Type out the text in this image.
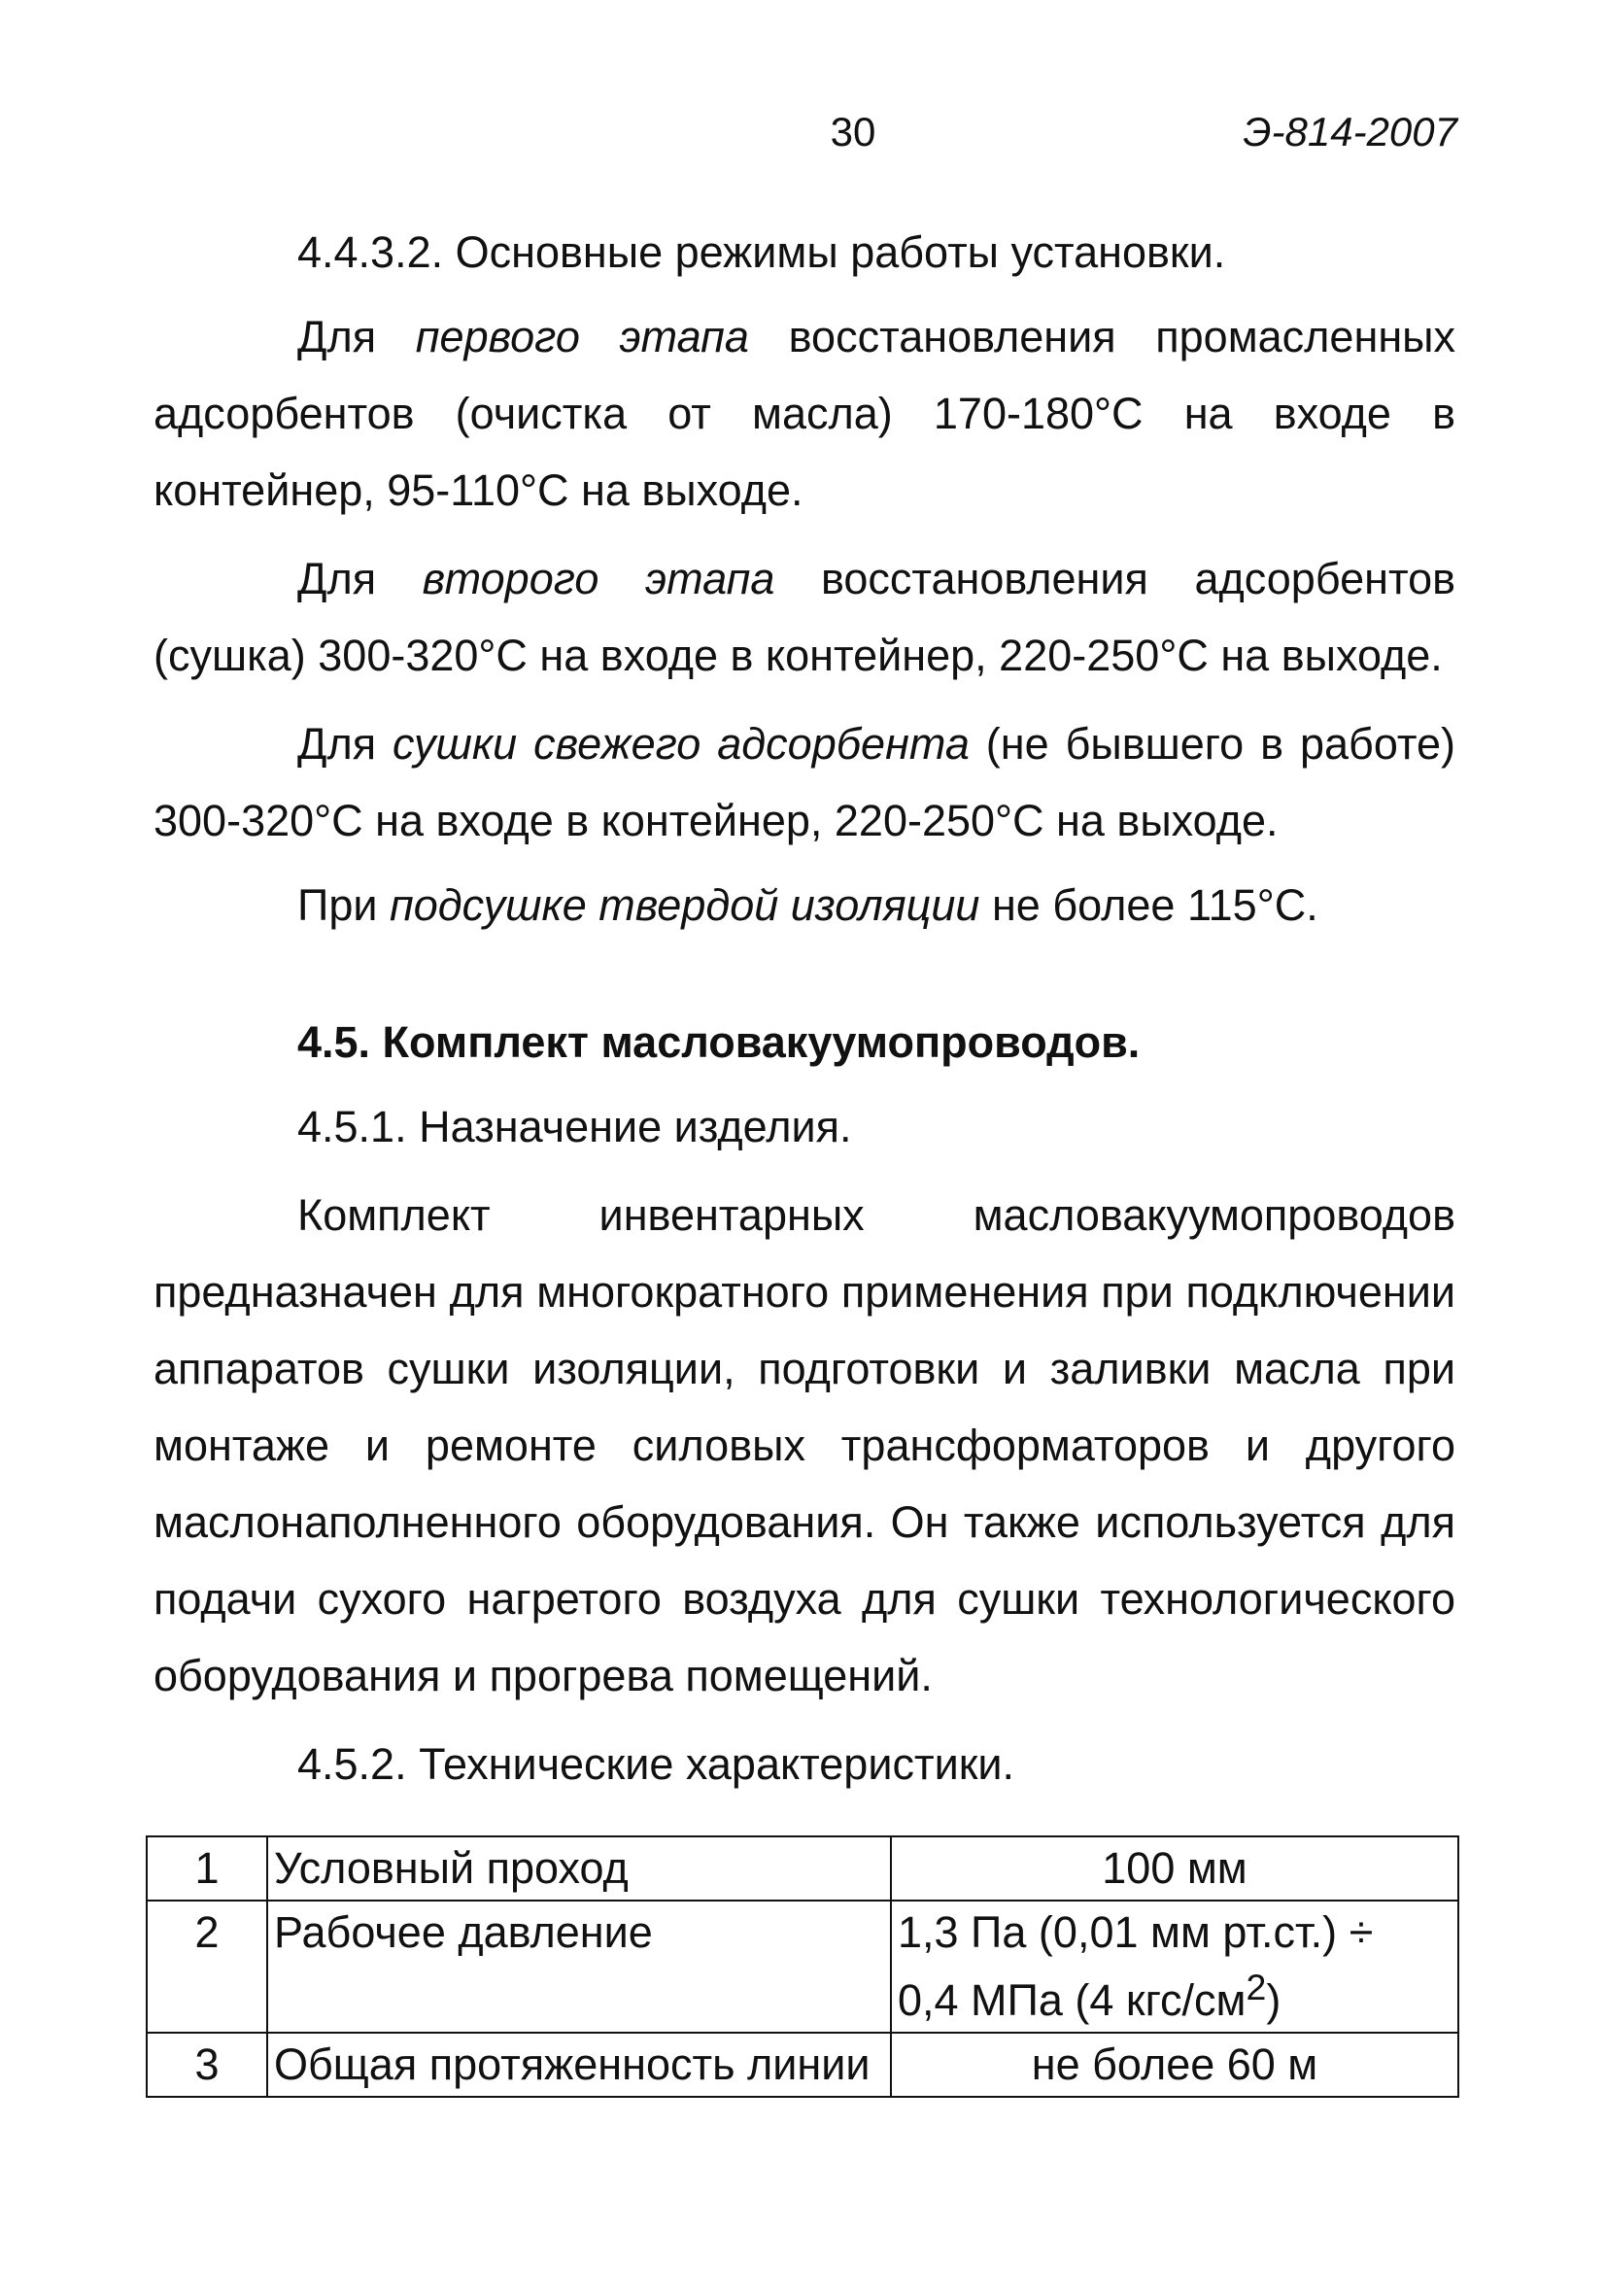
30	Э-814-2007

4.4.3.2. Основные режимы работы установки.

Для первого этапа восстановления промасленных адсорбентов (очистка от масла) 170-180°С на входе в контейнер, 95-110°С на выходе.

Для второго этапа восстановления адсорбентов (сушка) 300-320°С на входе в контейнер, 220-250°С на выходе.

Для сушки свежего адсорбента (не бывшего в работе) 300-320°С на входе в контейнер, 220-250°С на выходе.

При подсушке твердой изоляции не более 115°С.

4.5. Комплект масловакуумопроводов.

4.5.1. Назначение изделия.

Комплект инвентарных масловакуумопроводов предназначен для многократного применения при подключении аппаратов сушки изоляции, подготовки и заливки масла при монтаже и ремонте силовых трансформаторов и другого маслонаполненного оборудования. Он также используется для подачи сухого нагретого воздуха для сушки технологического оборудования и прогрева помещений.

4.5.2. Технические характеристики.

1	Условный проход	100 мм
2	Рабочее давление	1,3 Па (0,01 мм рт.ст.) ÷
0,4 МПа (4 кгс/$см^2$)
3	Общая протяженность линии	не более 60 м
